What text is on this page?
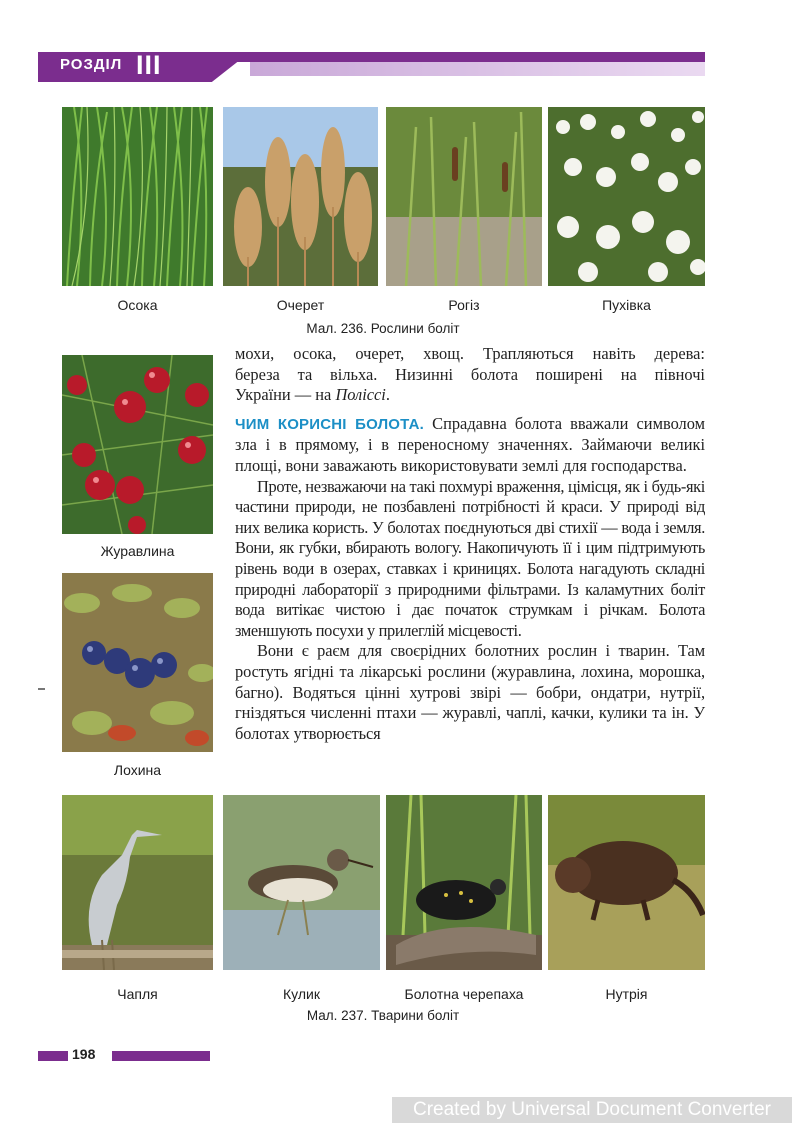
РОЗДІЛ III
Осока	Очерет	Рогіз	Пухівка
Мал. 236. Рослини боліт
Журавлина
Лохина

мохи, осока, очерет, хвощ. Трапляються навіть дерева:

береза та вільха. Низинні болота поширені на півночі

України — на Поліссі.

ЧИМ КОРИСНІ БОЛОТА. Спрадавна болота вважали символом зла і в прямому, і в переносному значеннях. Займаючи великі площі, вони заважають використовувати землі для господарства.

Проте, незважаючи на такі похмурі враження, цімісця, як і будь-які частини природи, не позбавлені потрібності й краси. У природі від них велика користь. У болотах поєднуються дві стихії — вода і земля. Вони, як губки, вбирають вологу. Накопичують її і цим підтримують рівень води в озерах, ставках і криницях. Болота нагадують складні природні лабораторії з природними фільтрами. Із каламутних боліт вода витікає чистою і дає початок струмкам і річкам. Болота зменшують посухи у прилеглій місцевості.

Вони є раєм для своєрідних болотних рослин і тварин. Там ростуть ягідні та лікарські рослини (журавлина, лохина, морошка, багно). Водяться цінні хутрові звірі — бобри, ондатри, нутрії, гніздяться численні птахи — журавлі, чаплі, качки, кулики та ін. У болотах утворюється

Чапля	Кулик	Болотна черепаха	Нутрія
Мал. 237. Тварини боліт
198
Created by Universal Document Converter
